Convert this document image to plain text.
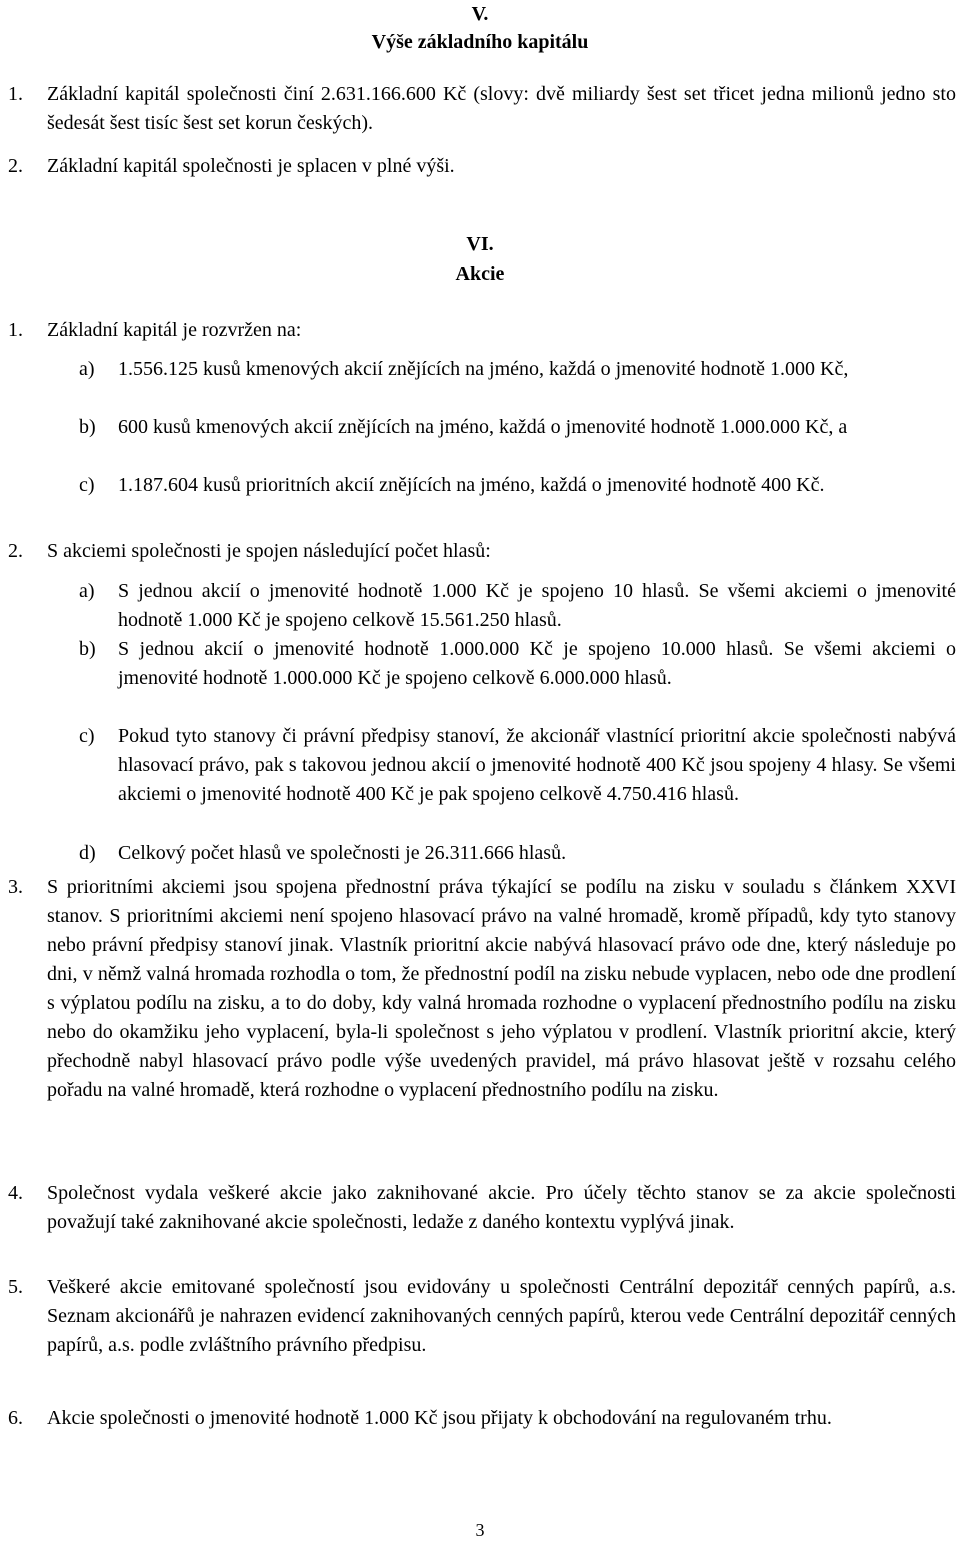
V.
Výše základního kapitálu
1. Základní kapitál společnosti činí 2.631.166.600 Kč (slovy: dvě miliardy šest set třicet jedna milionů jedno sto šedesát šest tisíc šest set korun českých).
2. Základní kapitál společnosti je splacen v plné výši.
VI.
Akcie
1. Základní kapitál je rozvržen na:
a) 1.556.125 kusů kmenových akcií znějících na jméno, každá o jmenovité hodnotě 1.000 Kč,
b) 600 kusů kmenových akcií znějících na jméno, každá o jmenovité hodnotě 1.000.000 Kč, a
c) 1.187.604 kusů prioritních akcií znějících na jméno, každá o jmenovité hodnotě 400 Kč.
2. S akciemi společnosti je spojen následující počet hlasů:
a) S jednou akcií o jmenovité hodnotě 1.000 Kč je spojeno 10 hlasů. Se všemi akciemi o jmenovité hodnotě 1.000 Kč je spojeno celkově 15.561.250 hlasů.
b) S jednou akcií o jmenovité hodnotě 1.000.000 Kč je spojeno 10.000 hlasů. Se všemi akciemi o jmenovité hodnotě 1.000.000 Kč je spojeno celkově 6.000.000 hlasů.
c) Pokud tyto stanovy či právní předpisy stanoví, že akcionář vlastnící prioritní akcie společnosti nabývá hlasovací právo, pak s takovou jednou akcií o jmenovité hodnotě 400 Kč jsou spojeny 4 hlasy. Se všemi akciemi o jmenovité hodnotě 400 Kč je pak spojeno celkově 4.750.416 hlasů.
d) Celkový počet hlasů ve společnosti je 26.311.666 hlasů.
3. S prioritními akciemi jsou spojena přednostní práva týkající se podílu na zisku v souladu s článkem XXVI stanov. S prioritními akciemi není spojeno hlasovací právo na valné hromadě, kromě případů, kdy tyto stanovy nebo právní předpisy stanoví jinak. Vlastník prioritní akcie nabývá hlasovací právo ode dne, který následuje po dni, v němž valná hromada rozhodla o tom, že přednostní podíl na zisku nebude vyplacen, nebo ode dne prodlení s výplatou podílu na zisku, a to do doby, kdy valná hromada rozhodne o vyplacení přednostního podílu na zisku nebo do okamžiku jeho vyplacení, byla-li společnost s jeho výplatou v prodlení. Vlastník prioritní akcie, který přechodně nabyl hlasovací právo podle výše uvedených pravidel, má právo hlasovat ještě v rozsahu celého pořadu na valné hromadě, která rozhodne o vyplacení přednostního podílu na zisku.
4. Společnost vydala veškeré akcie jako zaknihované akcie. Pro účely těchto stanov se za akcie společnosti považují také zaknihované akcie společnosti, ledaže z daného kontextu vyplývá jinak.
5. Veškeré akcie emitované společností jsou evidovány u společnosti Centrální depozitář cenných papírů, a.s. Seznam akcionářů je nahrazen evidencí zaknihovaných cenných papírů, kterou vede Centrální depozitář cenných papírů, a.s. podle zvláštního právního předpisu.
6. Akcie společnosti o jmenovité hodnotě 1.000 Kč jsou přijaty k obchodování na regulovaném trhu.
3
